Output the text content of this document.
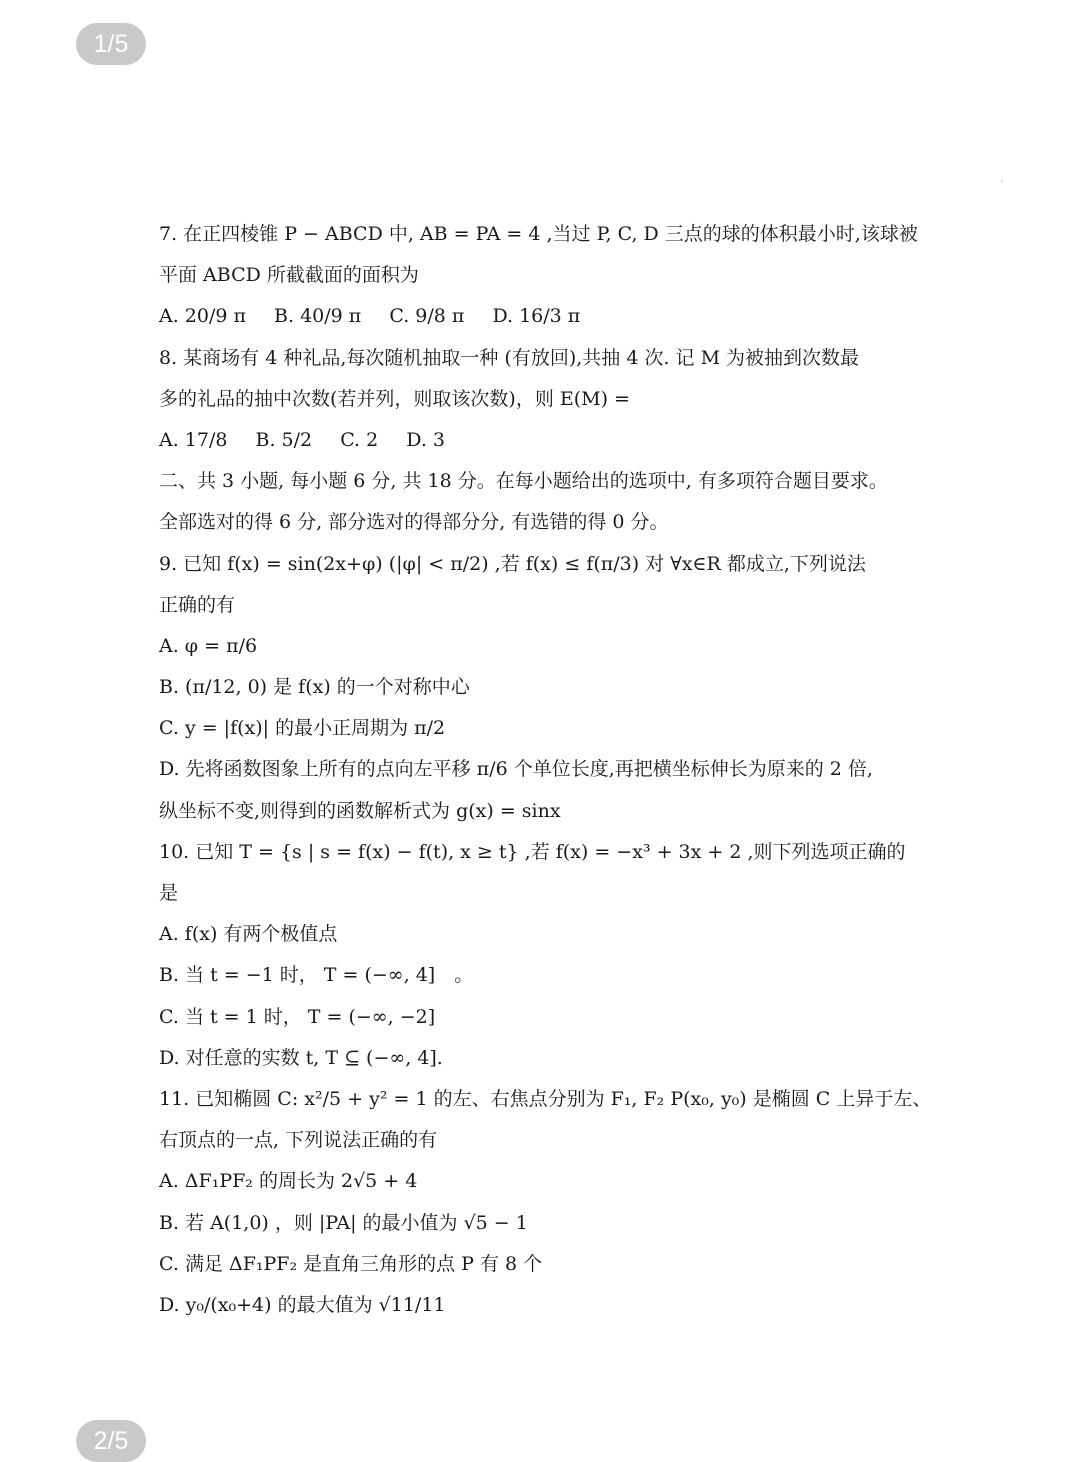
1/5
7. 在正四棱锥 P − ABCD 中, AB = PA = 4 ,当过 P, C, D 三点的球的体积最小时,该球被
平面 ABCD 所截截面的面积为
A. 20/9 π B. 40/9 π C. 9/8 π D. 16/3 π
8. 某商场有 4 种礼品,每次随机抽取一种 (有放回),共抽 4 次. 记 M 为被抽到次数最
多的礼品的抽中次数(若并列，则取该次数)，则 E(M) =
A. 17/8 B. 5/2 C. 2 D. 3
二、共 3 小题, 每小题 6 分, 共 18 分。在每小题给出的选项中, 有多项符合题目要求。
全部选对的得 6 分, 部分选对的得部分分, 有选错的得 0 分。
9. 已知 f(x) = sin(2x+φ) (|φ| < π/2) ,若 f(x) ≤ f(π/3) 对 ∀x∈R 都成立,下列说法
正确的有
A. φ = π/6
B. (π/12, 0) 是 f(x) 的一个对称中心
C. y = |f(x)| 的最小正周期为 π/2
D. 先将函数图象上所有的点向左平移 π/6 个单位长度,再把横坐标伸长为原来的 2 倍,
纵坐标不变,则得到的函数解析式为 g(x) = sinx
10. 已知 T = {s | s = f(x) − f(t), x ≥ t} ,若 f(x) = −x³ + 3x + 2 ,则下列选项正确的
是
A. f(x) 有两个极值点
B. 当 t = −1 时， T = (−∞, 4]　。
C. 当 t = 1 时， T = (−∞, −2]
D. 对任意的实数 t, T ⊆ (−∞, 4].
11. 已知椭圆 C: x²/5 + y² = 1 的左、右焦点分别为 F₁, F₂ P(x₀, y₀) 是椭圆 C 上异于左、
右顶点的一点, 下列说法正确的有
A. ΔF₁PF₂ 的周长为 2√5 + 4
B. 若 A(1,0) ，则 |PA| 的最小值为 √5 − 1
C. 满足 ΔF₁PF₂ 是直角三角形的点 P 有 8 个
D. y₀/(x₀+4) 的最大值为 √11/11
2/5
